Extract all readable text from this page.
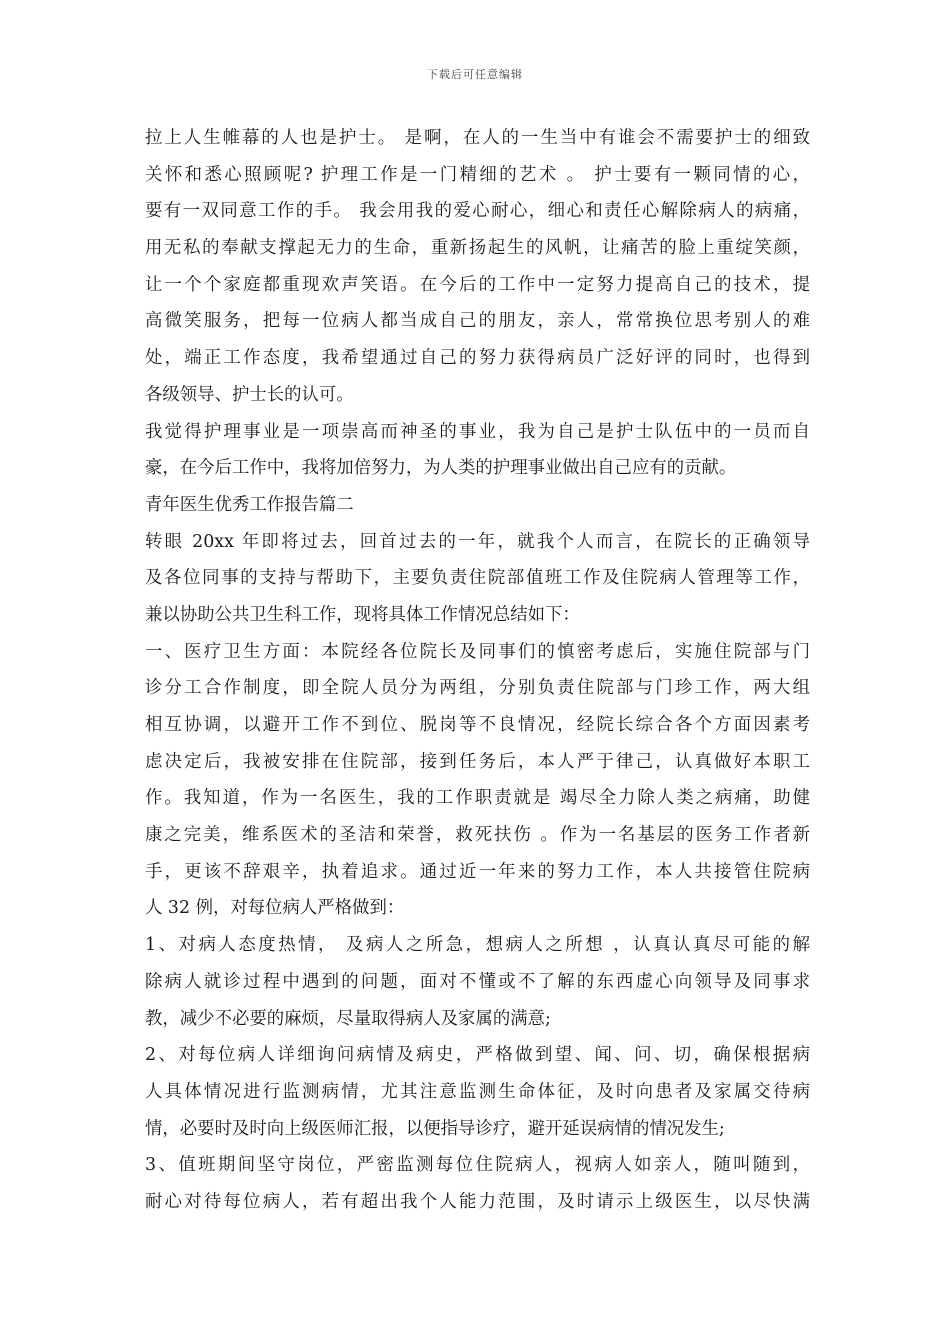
下载后可任意编辑
拉上人生帷幕的人也是护士。 是啊，在人的一生当中有谁会不需要护士的细致
关怀和悉心照顾呢? 护理工作是一门精细的艺术 。 护士要有一颗同情的心，
要有一双同意工作的手。 我会用我的爱心耐心，细心和责任心解除病人的病痛，
用无私的奉献支撑起无力的生命，重新扬起生的风帆，让痛苦的脸上重绽笑颜，
让一个个家庭都重现欢声笑语。在今后的工作中一定努力提高自己的技术，提
高微笑服务，把每一位病人都当成自己的朋友，亲人，常常换位思考别人的难
处，端正工作态度，我希望通过自己的努力获得病员广泛好评的同时，也得到
各级领导、护士长的认可。
我觉得护理事业是一项崇高而神圣的事业，我为自己是护士队伍中的一员而自
豪，在今后工作中，我将加倍努力，为人类的护理事业做出自己应有的贡献。
青年医生优秀工作报告篇二
转眼 20xx 年即将过去，回首过去的一年，就我个人而言，在院长的正确领导
及各位同事的支持与帮助下，主要负责住院部值班工作及住院病人管理等工作，
兼以协助公共卫生科工作，现将具体工作情况总结如下：
一、医疗卫生方面：本院经各位院长及同事们的慎密考虑后，实施住院部与门
诊分工合作制度，即全院人员分为两组，分别负责住院部与门珍工作，两大组
相互协调，以避开工作不到位、脱岗等不良情况，经院长综合各个方面因素考
虑决定后，我被安排在住院部，接到任务后，本人严于律己，认真做好本职工
作。我知道，作为一名医生，我的工作职责就是 竭尽全力除人类之病痛，助健
康之完美，维系医术的圣洁和荣誉，救死扶伤 。作为一名基层的医务工作者新
手，更该不辞艰辛，执着追求。通过近一年来的努力工作，本人共接管住院病
人 32 例，对每位病人严格做到：
1、对病人态度热情， 及病人之所急，想病人之所想 ，认真认真尽可能的解
除病人就诊过程中遇到的问题，面对不懂或不了解的东西虚心向领导及同事求
教，减少不必要的麻烦，尽量取得病人及家属的满意;
2、对每位病人详细询问病情及病史，严格做到望、闻、问、切，确保根据病
人具体情况进行监测病情，尤其注意监测生命体征，及时向患者及家属交待病
情，必要时及时向上级医师汇报，以便指导诊疗，避开延误病情的情况发生;
3、值班期间坚守岗位，严密监测每位住院病人，视病人如亲人，随叫随到，
耐心对待每位病人，若有超出我个人能力范围，及时请示上级医生，以尽快满
